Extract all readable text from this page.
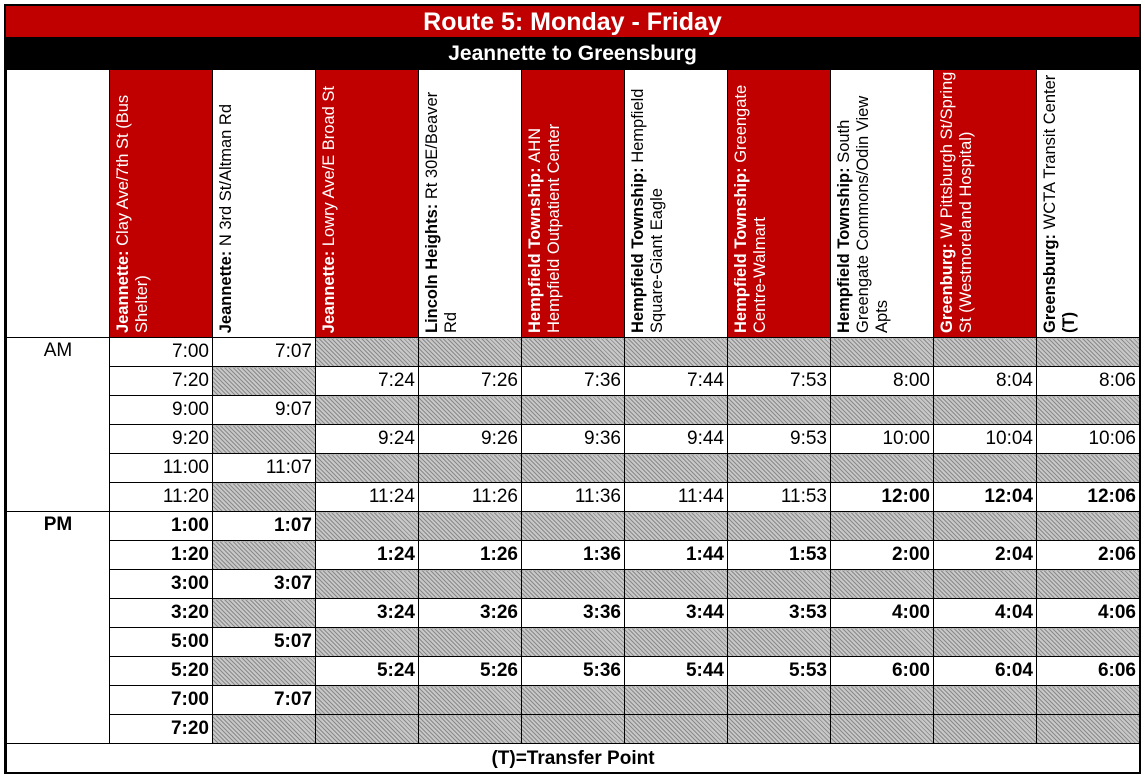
Route 5: Monday - Friday
Jeannette to Greensburg

	Jeannette: Clay Ave/7th St (Bus Shelter)	Jeannette: N 3rd St/Altman Rd	Jeannette: Lowry Ave/E Broad St	Lincoln Heights: Rt 30E/Beaver Rd	Hempfield Township: AHN Hempfield Outpatient Center	Hempfield Township: Hempfield Square-Giant Eagle	Hempfield Township: Greengate Centre-Walmart	Hempfield Township: South Greengate Commons/Odin View Apts	Greenburg: W Pittsburgh St/Spring St (Westmoreland Hospital)	Greensburg: WCTA Transit Center (T)

AM	7:00	7:07								
	7:20		7:24	7:26	7:36	7:44	7:53	8:00	8:04	8:06
	9:00	9:07								
	9:20		9:24	9:26	9:36	9:44	9:53	10:00	10:04	10:06
	11:00	11:07								
	11:20		11:24	11:26	11:36	11:44	11:53	12:00	12:04	12:06
PM	1:00	1:07								
	1:20		1:24	1:26	1:36	1:44	1:53	2:00	2:04	2:06
	3:00	3:07								
	3:20		3:24	3:26	3:36	3:44	3:53	4:00	4:04	4:06
	5:00	5:07								
	5:20		5:24	5:26	5:36	5:44	5:53	6:00	6:04	6:06
	7:00	7:07								
	7:20									
(T)=Transfer Point										
